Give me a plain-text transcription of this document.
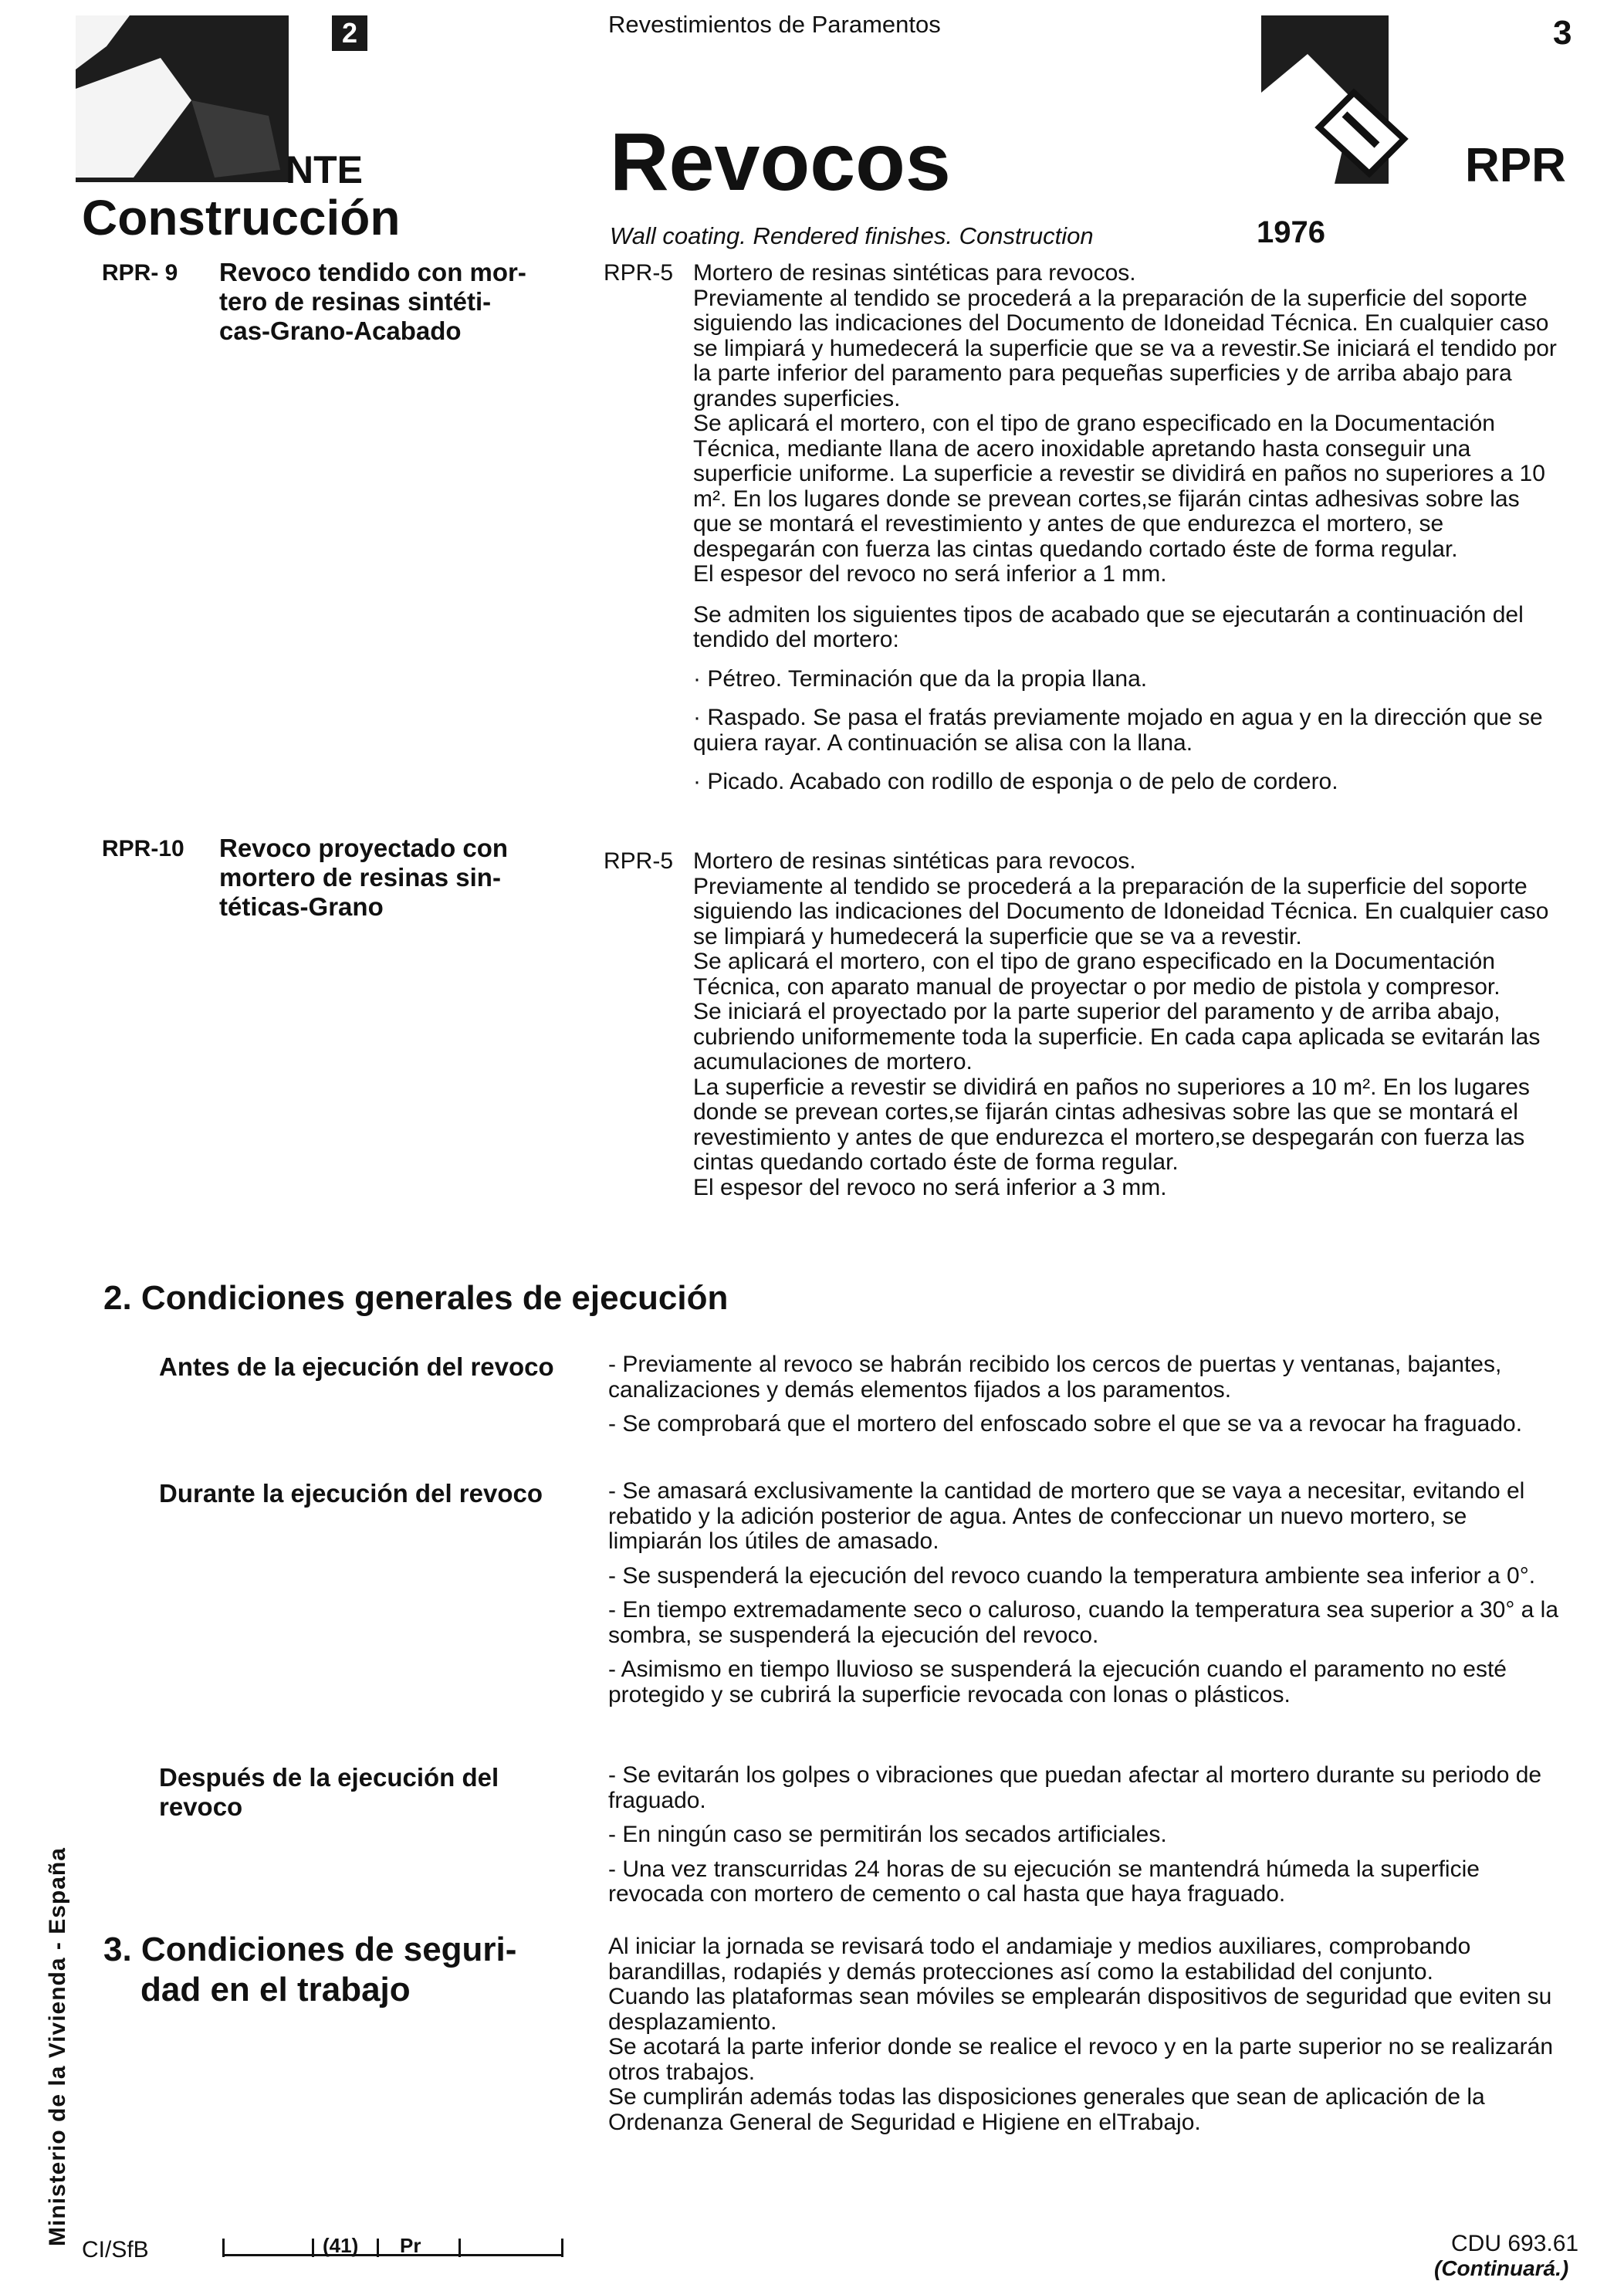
2
NTE
Construcción
Revestimientos de Paramentos
Revocos
Wall coating. Rendered finishes. Construction
3
RPR
1976
Ministerio de la Vivienda - España
RPR- 9 Revoco tendido con mor-
tero de resinas sintéti-
cas-Grano-Acabado
RPR-5 Mortero de resinas sintéticas para revocos.

Previamente al tendido se procederá a la preparación de la superficie del soporte siguiendo las indicaciones del Documento de Idoneidad Técnica. En cualquier caso se limpiará y humedecerá la superficie que se va a revestir.Se iniciará el tendido por la parte inferior del paramento para pequeñas superficies y de arriba abajo para grandes superficies.

Se aplicará el mortero, con el tipo de grano especificado en la Documentación Técnica, mediante llana de acero inoxidable apretando hasta conseguir una superficie uniforme. La superficie a revestir se dividirá en paños no superiores a 10 m². En los lugares donde se prevean cortes,se fijarán cintas adhesivas sobre las que se montará el revestimiento y antes de que endurezca el mortero, se despegarán con fuerza las cintas quedando cortado éste de forma regular.

El espesor del revoco no será inferior a 1 mm.

Se admiten los siguientes tipos de acabado que se ejecutarán a continuación del tendido del mortero:

· Pétreo. Terminación que da la propia llana.

· Raspado. Se pasa el fratás previamente mojado en agua y en la dirección que se quiera rayar. A continuación se alisa con la llana.

· Picado. Acabado con rodillo de esponja o de pelo de cordero.

RPR-10 Revoco proyectado con
mortero de resinas sin-
téticas-Grano
RPR-5 Mortero de resinas sintéticas para revocos.

Previamente al tendido se procederá a la preparación de la superficie del soporte siguiendo las indicaciones del Documento de Idoneidad Técnica. En cualquier caso se limpiará y humedecerá la superficie que se va a revestir.

Se aplicará el mortero, con el tipo de grano especificado en la Documentación Técnica, con aparato manual de proyectar o por medio de pistola y compresor.

Se iniciará el proyectado por la parte superior del paramento y de arriba abajo, cubriendo uniformemente toda la superficie. En cada capa aplicada se evitarán las acumulaciones de mortero.

La superficie a revestir se dividirá en paños no superiores a 10 m². En los lugares donde se prevean cortes,se fijarán cintas adhesivas sobre las que se montará el revestimiento y antes de que endurezca el mortero,se despegarán con fuerza las cintas quedando cortado éste de forma regular.

El espesor del revoco no será inferior a 3 mm.

2. Condiciones generales de ejecución
Antes de la ejecución del revoco - Previamente al revoco se habrán recibido los cercos de puertas y ventanas, bajantes, canalizaciones y demás elementos fijados a los paramentos.

- Se comprobará que el mortero del enfoscado sobre el que se va a revocar ha fraguado.

Durante la ejecución del revoco	- Se amasará exclusivamente la cantidad de mortero que se vaya a necesitar, evitando el rebatido y la adición posterior de agua. Antes de confeccionar un nuevo mortero, se limpiarán los útiles de amasado.

- Se suspenderá la ejecución del revoco cuando la temperatura ambiente sea inferior a 0°.

- En tiempo extremadamente seco o caluroso, cuando la temperatura sea superior a 30° a la sombra, se suspenderá la ejecución del revoco.

- Asimismo en tiempo lluvioso se suspenderá la ejecución cuando el paramento no esté protegido y se cubrirá la superficie revocada con lonas o plásticos.

Después de la ejecución del revoco

- Se evitarán los golpes o vibraciones que puedan afectar al mortero durante su periodo de fraguado.

- En ningún caso se permitirán los secados artificiales.

- Una vez transcurridas 24 horas de su ejecución se mantendrá húmeda la superficie revocada con mortero de cemento o cal hasta que haya fraguado.

3. Condiciones de seguri-
dad en el trabajo

Al iniciar la jornada se revisará todo el andamiaje y medios auxiliares, comprobando barandillas, rodapiés y demás protecciones así como la estabilidad del conjunto.

Cuando las plataformas sean móviles se emplearán dispositivos de seguridad que eviten su desplazamiento.

Se acotará la parte inferior donde se realice el revoco y en la parte superior no se realizarán otros trabajos.

Se cumplirán además todas las disposiciones generales que sean de aplicación de la Ordenanza General de Seguridad e Higiene en elTrabajo.

CI/SfB	(41) Pr	CDU 693.61
(Continuará.)
